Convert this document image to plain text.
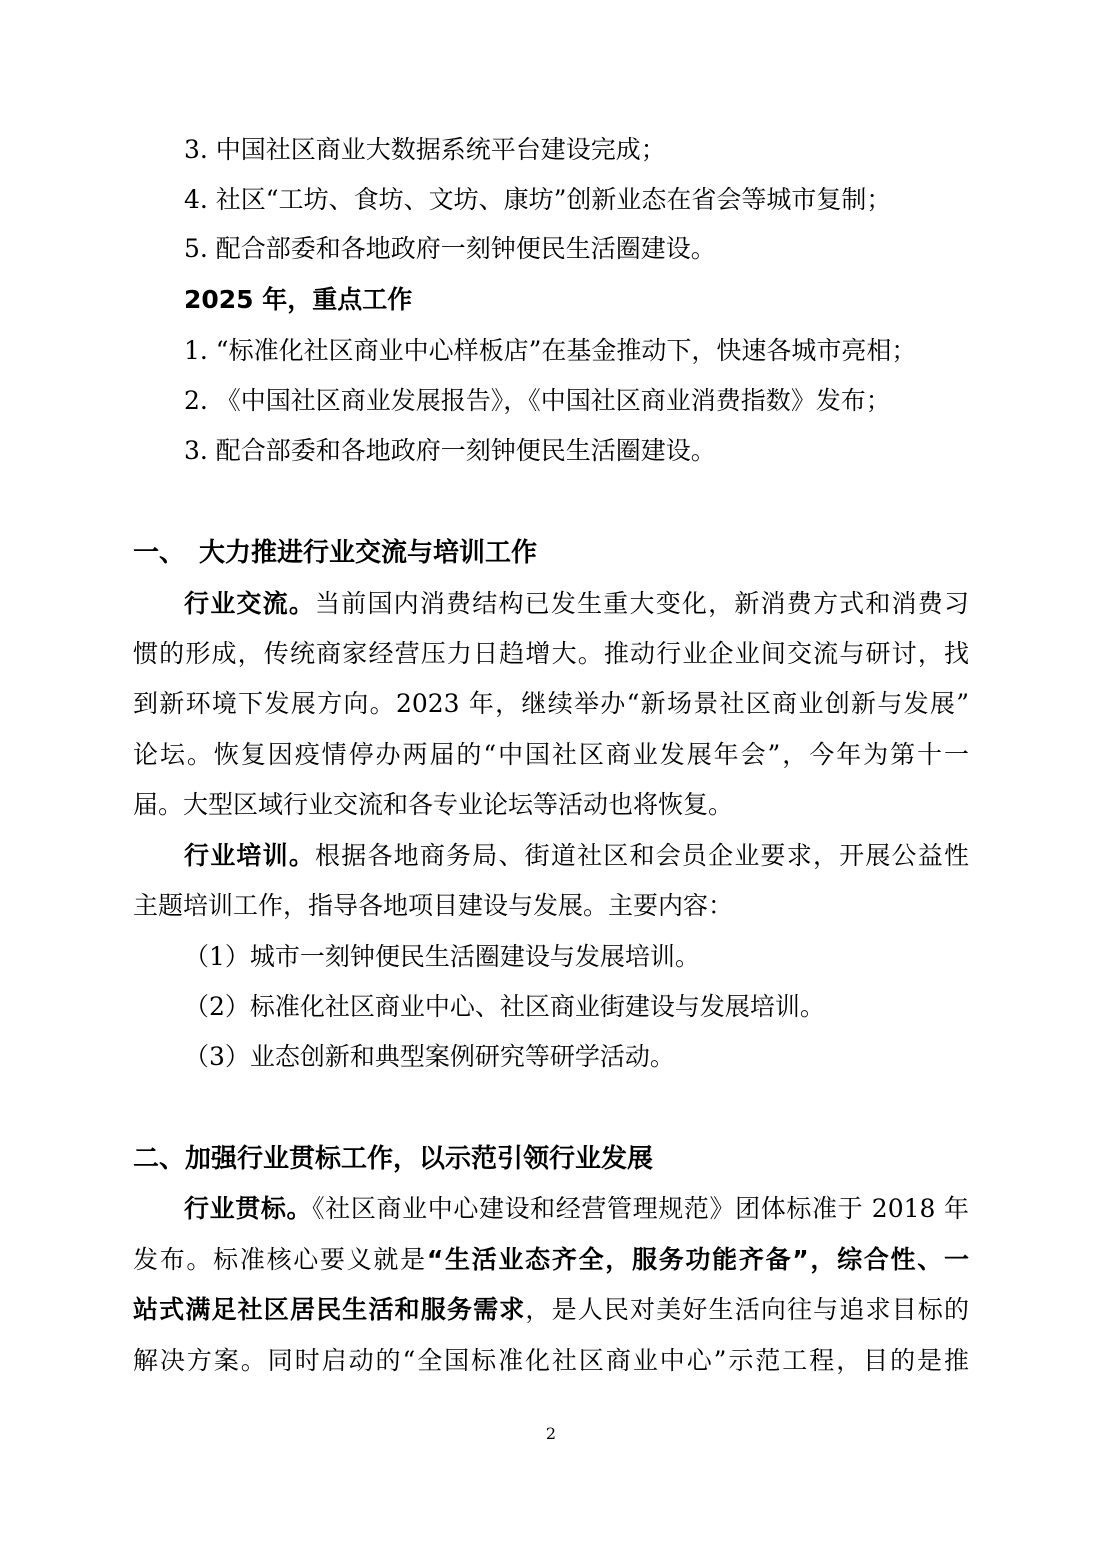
3. 中国社区商业大数据系统平台建设完成；
4. 社区“工坊、食坊、文坊、康坊”创新业态在省会等城市复制；
5. 配合部委和各地政府一刻钟便民生活圈建设。
2025 年，重点工作
1. “标准化社区商业中心样板店”在基金推动下，快速各城市亮相；
2. 《中国社区商业发展报告》，《中国社区商业消费指数》发布；
3. 配合部委和各地政府一刻钟便民生活圈建设。
一、 大力推进行业交流与培训工作
行业交流。当前国内消费结构已发生重大变化，新消费方式和消费习
惯的形成，传统商家经营压力日趋增大。推动行业企业间交流与研讨，找
到新环境下发展方向。2023 年，继续举办“新场景社区商业创新与发展”
论坛。恢复因疫情停办两届的“中国社区商业发展年会”，今年为第十一
届。大型区域行业交流和各专业论坛等活动也将恢复。
行业培训。根据各地商务局、街道社区和会员企业要求，开展公益性
主题培训工作，指导各地项目建设与发展。主要内容：
（1）城市一刻钟便民生活圈建设与发展培训。
（2）标准化社区商业中心、社区商业街建设与发展培训。
（3）业态创新和典型案例研究等研学活动。
二、加强行业贯标工作，以示范引领行业发展
行业贯标。《社区商业中心建设和经营管理规范》团体标准于 2018 年
发布。标准核心要义就是“生活业态齐全，服务功能齐备”，综合性、一
站式满足社区居民生活和服务需求，是人民对美好生活向往与追求目标的
解决方案。同时启动的“全国标准化社区商业中心”示范工程，目的是推
2
